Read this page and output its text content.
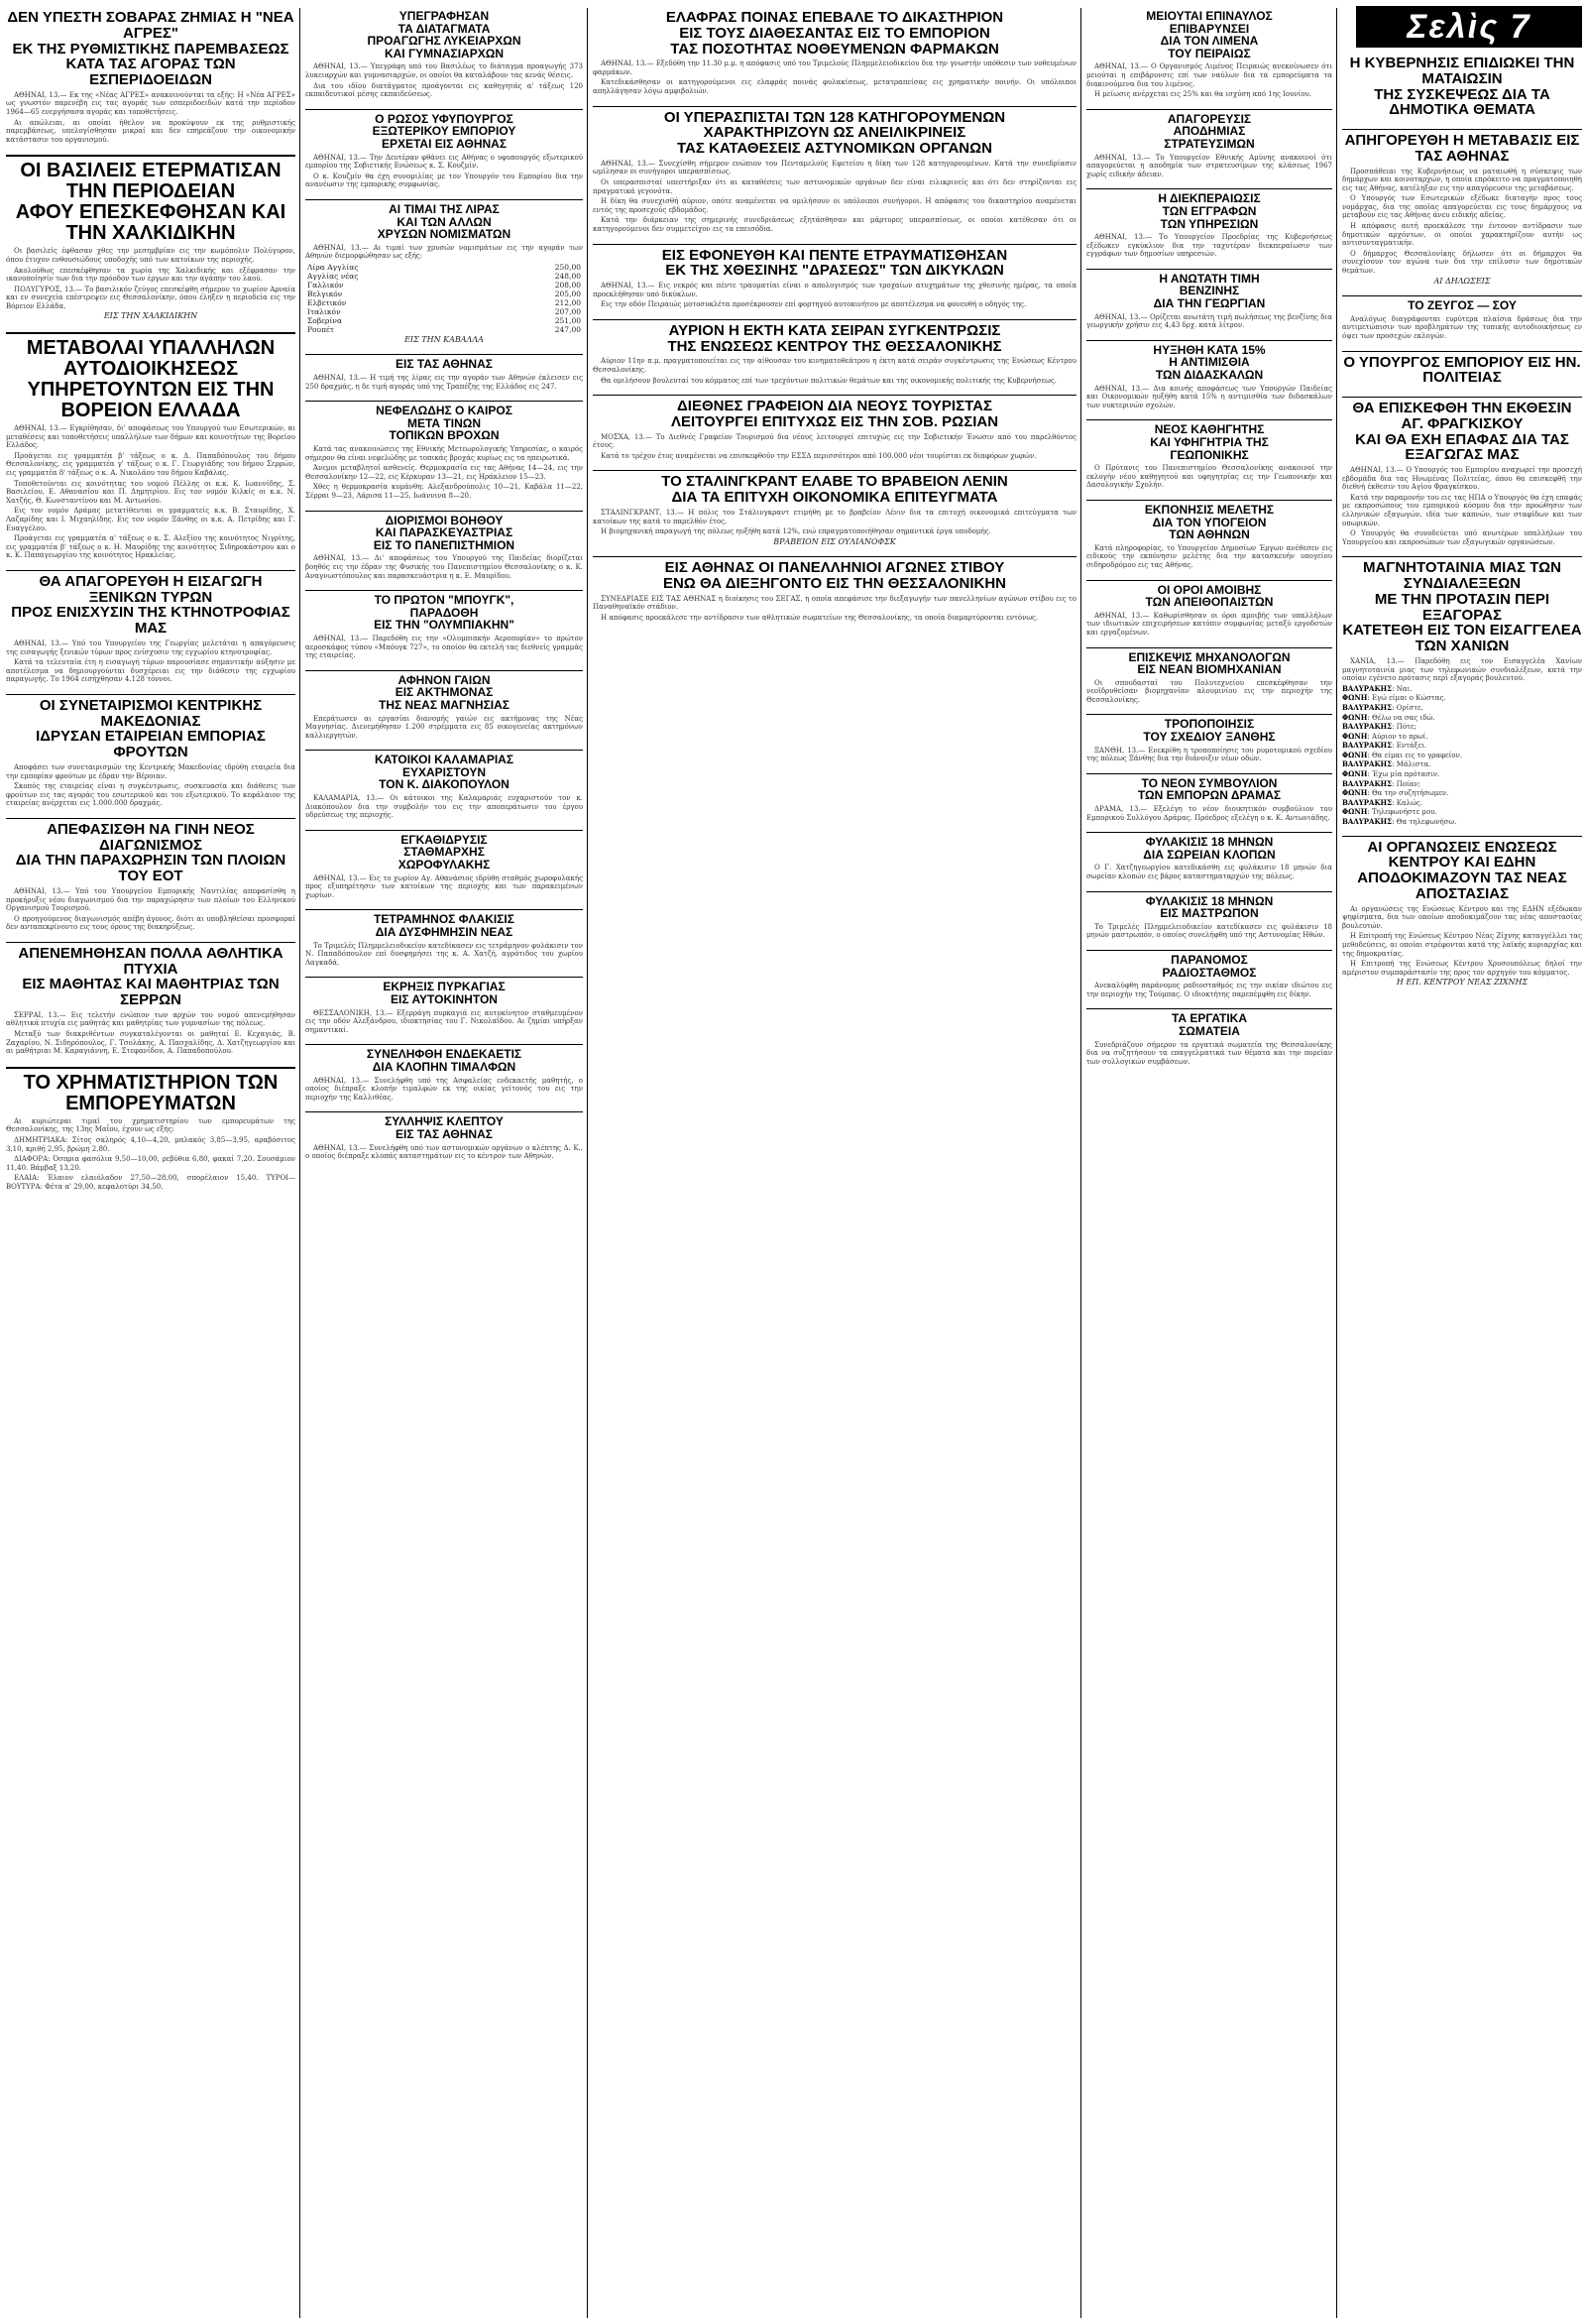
Σελὶς 7
ΔΕΝ ΥΠΕΣΤΗ ΣΟΒΑΡΑΣ ΖΗΜΙΑΣ Η "ΝΕΑ ΑΓΡΕΣ"
ΕΚ ΤΗΣ ΡΥΘΜΙΣΤΙΚΗΣ ΠΑΡΕΜΒΑΣΕΩΣ
ΚΑΤΑ ΤΑΣ ΑΓΟΡΑΣ ΤΩΝ ΕΣΠΕΡΙΔΟΕΙΔΩΝ

ΑΘΗΝΑΙ, 13.— Εκ της «Νέας ΑΓΡΕΣ» ανακοινούνται τα εξής: Η «Νέα ΑΓΡΕΣ» ως γνωστόν παρενέβη εις τας αγοράς των εσπεριδοειδών κατά την περίοδον 1964—65 ενεργήσασα αγοράς και τοποθετήσεις.

Αι απώλειαι, αι οποίαι ήθελον να προκύψουν εκ της ρυθμιστικής παρεμβάσεως, υπελογίσθησαν μικραί και δεν επηρεάζουν την οικονομικήν κατάστασιν του οργανισμού.

ΟΙ ΒΑΣΙΛΕΙΣ ΕΤΕΡΜΑΤΙΣΑΝ ΤΗΝ ΠΕΡΙΟΔΕΙΑΝ
ΑΦΟΥ ΕΠΕΣΚΕΦΘΗΣΑΝ ΚΑΙ ΤΗΝ ΧΑΛΚΙΔΙΚΗΝ

Οι βασιλείς έφθασαν χθες την μεσημβρίαν εις την κωμόπολιν Πολύγυρον, όπου έτυχον ενθουσιώδους υποδοχής υπό των κατοίκων της περιοχής.

Ακολούθως επεσκέφθησαν τα χωρία της Χαλκιδικής και εξέφρασαν την ικανοποίησίν των δια την πρόοδον των έργων και την αγάπην του λαού.

ΠΟΛΥΓΥΡΟΣ, 13.— Το βασιλικόν ζεύγος επεσκέφθη σήμερον το χωρίον Αρναία και εν συνεχεία επέστρεψεν εις Θεσσαλονίκην, όπου έληξεν η περιοδεία εις την Βόρειον Ελλάδα.

ΕΙΣ ΤΗΝ ΧΑΛΚΙΔΙΚΗΝ
ΜΕΤΑΒΟΛΑΙ ΥΠΑΛΛΗΛΩΝ ΑΥΤΟΔΙΟΙΚΗΣΕΩΣ
ΥΠΗΡΕΤΟΥΝΤΩΝ ΕΙΣ ΤΗΝ ΒΟΡΕΙΟΝ ΕΛΛΑΔΑ

ΑΘΗΝΑΙ, 13.— Εγκρίθησαν, δι' αποφάσεως του Υπουργού των Εσωτερικών, αι μεταθέσεις και τοποθετήσεις υπαλλήλων των δήμων και κοινοτήτων της Βορείου Ελλάδος.

Προάγεται εις γραμματέα β' τάξεως ο κ. Δ. Παπαδόπουλος του δήμου Θεσσαλονίκης, εις γραμματέα γ' τάξεως ο κ. Γ. Γεωργιάδης του δήμου Σερρών, εις γραμματέα δ' τάξεως ο κ. Α. Νικολάου του δήμου Καβάλας.

Τοποθετούνται εις κοινότητας του νομού Πέλλης οι κ.κ. Κ. Ιωαννίδης, Σ. Βασιλείου, Ε. Αθανασίου και Π. Δημητρίου. Εις τον νομόν Κιλκίς οι κ.κ. Ν. Χατζής, Θ. Κωνσταντίνου και Μ. Αντωνίου.

Εις τον νομόν Δράμας μετατίθενται οι γραμματείς κ.κ. Β. Σταυρίδης, Χ. Λαζαρίδης και Ι. Μιχαηλίδης. Εις τον νομόν Ξάνθης οι κ.κ. Α. Πετρίδης και Γ. Ευαγγέλου.

Προάγεται εις γραμματέα α' τάξεως ο κ. Σ. Αλεξίου της κοινότητος Νιγρίτης, εις γραμματέα β' τάξεως ο κ. Η. Μαυρίδης της κοινότητος Σιδηροκάστρου και ο κ. Κ. Παπαγεωργίου της κοινότητος Ηρακλείας.

ΘΑ ΑΠΑΓΟΡΕΥΘΗ Η ΕΙΣΑΓΩΓΗ ΞΕΝΙΚΩΝ ΤΥΡΩΝ
ΠΡΟΣ ΕΝΙΣΧΥΣΙΝ ΤΗΣ ΚΤΗΝΟΤΡΟΦΙΑΣ ΜΑΣ

ΑΘΗΝΑΙ, 13.— Υπό του Υπουργείου της Γεωργίας μελετάται η απαγόρευσις της εισαγωγής ξενικών τύρων προς ενίσχυσιν της εγχωρίου κτηνοτροφίας.

Κατά τα τελευταία έτη η εισαγωγή τύρων παρουσίασε σημαντικήν αύξησιν με αποτέλεσμα να δημιουργούνται δυσχέρειαι εις την διάθεσιν της εγχωρίου παραγωγής. Το 1964 εισήχθησαν 4.128 τόννοι.

ΟΙ ΣΥΝΕΤΑΙΡΙΣΜΟΙ ΚΕΝΤΡΙΚΗΣ ΜΑΚΕΔΟΝΙΑΣ
ΙΔΡΥΣΑΝ ΕΤΑΙΡΕΙΑΝ ΕΜΠΟΡΙΑΣ ΦΡΟΥΤΩΝ

Αποφάσει των συνεταιρισμών της Κεντρικής Μακεδονίας ιδρύθη εταιρεία δια την εμπορίαν φρούτων με έδραν την Βέροιαν.

Σκοπός της εταιρείας είναι η συγκέντρωσις, συσκευασία και διάθεσις των φρούτων εις τας αγοράς του εσωτερικού και του εξωτερικού. Το κεφάλαιον της εταιρείας ανέρχεται εις 1.000.000 δραχμάς.

ΑΠΕΦΑΣΙΣΘΗ ΝΑ ΓΙΝΗ ΝΕΟΣ ΔΙΑΓΩΝΙΣΜΟΣ
ΔΙΑ ΤΗΝ ΠΑΡΑΧΩΡΗΣΙΝ ΤΩΝ ΠΛΟΙΩΝ ΤΟΥ ΕΟΤ

ΑΘΗΝΑΙ, 13.— Υπό του Υπουργείου Εμπορικής Ναυτιλίας απεφασίσθη η προκήρυξις νέου διαγωνισμού δια την παραχώρησιν των πλοίων του Ελληνικού Οργανισμού Τουρισμού.

Ο προηγούμενος διαγωνισμός απέβη άγονος, διότι αι υποβληθείσαι προσφοραί δεν ανταπεκρίνοντο εις τους όρους της διακηρύξεως.

ΑΠΕΝΕΜΗΘΗΣΑΝ ΠΟΛΛΑ ΑΘΛΗΤΙΚΑ ΠΤΥΧΙΑ
ΕΙΣ ΜΑΘΗΤΑΣ ΚΑΙ ΜΑΘΗΤΡΙΑΣ ΤΩΝ ΣΕΡΡΩΝ

ΣΕΡΡΑΙ, 13.— Εις τελετήν ενώπιον των αρχών του νομού απενεμήθησαν αθλητικά πτυχία εις μαθητάς και μαθητρίας των γυμνασίων της πόλεως.

Μεταξύ των διακριθέντων συγκαταλέγονται οι μαθηταί Ε. Κεχαγιάς, Β. Ζαχαρίου, Ν. Σιδηρόπουλος, Γ. Τσολάκης, Α. Πασχαλίδης, Δ. Χατζηγεωργίου και αι μαθήτριαι Μ. Καραγιάννη, Ε. Στεφανίδου, Α. Παπαδοπούλου.

ΤΟ ΧΡΗΜΑΤΙΣΤΗΡΙΟΝ ΤΩΝ ΕΜΠΟΡΕΥΜΑΤΩΝ

Αι κυριώτεραι τιμαί του χρηματιστηρίου των εμπορευμάτων της Θεσσαλονίκης, της 13ης Μαΐου, έχουν ως εξής:

ΔΗΜΗΤΡΙΑΚΑ: Σίτος σκληρός 4,10—4,20, μαλακός 3,85—3,95, αραβόσιτος 3,10, κριθή 2,95, βρώμη 2,80.

ΔΙΑΦΟΡΑ: Όσπρια φασόλια 9,50—10,00, ρεβύθια 6,80, φακαί 7,20. Σουσάμιον 11,40. Βάμβαξ 13,20.

ΕΛΑΙΑ: Έλαιον ελαιόλαδον 27,50—28,00, σπορέλαιον 15,40. ΤΥΡΟΙ—ΒΟΥΤΥΡΑ: Φέτα α' 29,00, κεφαλοτύρι 34,50.

ΥΠΕΓΡΑΦΗΣΑΝ
ΤΑ ΔΙΑΤΑΓΜΑΤΑ
ΠΡΟΑΓΩΓΗΣ ΛΥΚΕΙΑΡΧΩΝ
ΚΑΙ ΓΥΜΝΑΣΙΑΡΧΩΝ

ΑΘΗΝΑΙ, 13.— Υπεγράφη υπό του Βασιλέως το διάταγμα προαγωγής 373 λυκειαρχών και γυμνασιαρχών, οι οποίοι θα καταλάβουν τας κενάς θέσεις.

Δια του ιδίου διατάγματος προάγονται εις καθηγητάς α' τάξεως 120 εκπαιδευτικοί μέσης εκπαιδεύσεως.

Ο ΡΩΣΟΣ ΥΦΥΠΟΥΡΓΟΣ
ΕΞΩΤΕΡΙΚΟΥ ΕΜΠΟΡΙΟΥ
ΕΡΧΕΤΑΙ ΕΙΣ ΑΘΗΝΑΣ

ΑΘΗΝΑΙ, 13.— Την Δευτέραν φθάνει εις Αθήνας ο υφυπουργός εξωτερικού εμπορίου της Σοβιετικής Ενώσεως κ. Σ. Κουζμίν.

Ο κ. Κουζμίν θα έχη συνομιλίας με τον Υπουργόν του Εμπορίου δια την ανανέωσιν της εμπορικής συμφωνίας.

ΑΙ ΤΙΜΑΙ ΤΗΣ ΛΙΡΑΣ
ΚΑΙ ΤΩΝ ΑΛΛΩΝ
ΧΡΥΣΩΝ ΝΟΜΙΣΜΑΤΩΝ

ΑΘΗΝΑΙ, 13.— Αι τιμαί των χρυσών νομισμάτων εις την αγοράν των Αθηνών διεμορφώθησαν ως εξής:

Λίρα Αγγλίας	250,00
Αγγλίας νέας	248,00
Γαλλικόν	208,00
Βελγικόν	205,00
Ελβετικόν	212,00
Ιταλικόν	207,00
Σοβερίνα	251,00
Ρουπέτ	247,00
ΕΙΣ ΤΗΝ ΚΑΒΑΛΛΑ
ΕΙΣ ΤΑΣ ΑΘΗΝΑΣ

ΑΘΗΝΑΙ, 13.— Η τιμή της λίρας εις την αγοράν των Αθηνών έκλεισεν εις 250 δραχμάς, η δε τιμή αγοράς υπό της Τραπέζης της Ελλάδος εις 247.

ΝΕΦΕΛΩΔΗΣ Ο ΚΑΙΡΟΣ
ΜΕΤΑ ΤΙΝΩΝ
ΤΟΠΙΚΩΝ ΒΡΟΧΩΝ

Κατά τας ανακοινώσεις της Εθνικής Μετεωρολογικής Υπηρεσίας, ο καιρός σήμερον θα είναι νεφελώδης με τοπικάς βροχάς κυρίως εις τα ηπειρωτικά.

Άνεμοι μεταβλητοί ασθενείς. Θερμοκρασία εις τας Αθήνας 14—24, εις την Θεσσαλονίκην 12—22, εις Κέρκυραν 13—21, εις Ηράκλειον 15—23.

Χθες η θερμοκρασία κυμάνθη: Αλεξανδρούπολις 10—21, Καβάλα 11—22, Σέρραι 9—23, Λάρισα 11—25, Ιωάννινα 8—20.

ΔΙΟΡΙΣΜΟΙ ΒΟΗΘΟΥ
ΚΑΙ ΠΑΡΑΣΚΕΥΑΣΤΡΙΑΣ
ΕΙΣ ΤΟ ΠΑΝΕΠΙΣΤΗΜΙΟΝ

ΑΘΗΝΑΙ, 13.— Δι' αποφάσεως του Υπουργού της Παιδείας διορίζεται βοηθός εις την έδραν της Φυσικής του Πανεπιστημίου Θεσσαλονίκης ο κ. Κ. Αναγνωστόπουλος και παρασκευάστρια η κ. Ε. Μαυρίδου.

ΤΟ ΠΡΩΤΟΝ "ΜΠΟΥΓΚ",
ΠΑΡΑΔΟΘΗ
ΕΙΣ ΤΗΝ "ΟΛΥΜΠΙΑΚΗΝ"

ΑΘΗΝΑΙ, 13.— Παρεδόθη εις την «Ολυμπιακήν Αεροπορίαν» το πρώτον αεροσκάφος τύπου «Μπόυγκ 727», το οποίον θα εκτελή τας διεθνείς γραμμάς της εταιρείας.

ΑΦΗΝΟΝ ΓΑΙΩΝ
ΕΙΣ ΑΚΤΗΜΟΝΑΣ
ΤΗΣ ΝΕΑΣ ΜΑΓΝΗΣΙΑΣ

Επεράτωσεν αι εργασίαι διανομής γαιών εις ακτήμονας της Νέας Μαγνησίας. Διενεμήθησαν 1.200 στρέμματα εις 85 οικογενείας ακτημόνων καλλιεργητών.

ΚΑΤΟΙΚΟΙ ΚΑΛΑΜΑΡΙΑΣ
ΕΥΧΑΡΙΣΤΟΥΝ
ΤΟΝ Κ. ΔΙΑΚΟΠΟΥΛΟΝ

ΚΑΛΑΜΑΡΙΑ, 13.— Οι κάτοικοι της Καλαμαριάς ευχαριστούν τον κ. Διακόπουλον δια την συμβολήν του εις την αποπεράτωσιν του έργου υδρεύσεως της περιοχής.

ΕΓΚΑΘΙΔΡΥΣΙΣ
ΣΤΑΘΜΑΡΧΗΣ
ΧΩΡΟΦΥΛΑΚΗΣ

ΑΘΗΝΑΙ, 13.— Εις το χωρίον Αγ. Αθανάσιος ιδρύθη σταθμός χωροφυλακής προς εξυπηρέτησιν των κατοίκων της περιοχής και των παρακειμένων χωρίων.

ΤΕΤΡΑΜΗΝΟΣ ΦΛΑΚΙΣΙΣ
ΔΙΑ ΔΥΣΦΗΜΗΣΙΝ ΝΕΑΣ

Το Τριμελές Πλημμελειοδικείον κατεδίκασεν εις τετράμηνον φυλάκισιν τον Ν. Παπαδόπουλον επί δυσφημήσει της κ. Α. Χατζή, αγρότιδος του χωρίου Λαγκαδά.

ΕΚΡΗΞΙΣ ΠΥΡΚΑΓΙΑΣ
ΕΙΣ ΑΥΤΟΚΙΝΗΤΟΝ

ΘΕΣΣΑΛΟΝΙΚΗ, 13.— Εξερράγη πυρκαγιά εις αυτοκίνητον σταθμευμένον εις την οδόν Αλεξάνδρου, ιδιοκτησίας του Γ. Νικολαΐδου. Αι ζημίαι υπήρξαν σημαντικαί.

ΣΥΝΕΛΗΦΘΗ ΕΝΔΕΚΑΕΤΙΣ
ΔΙΑ ΚΛΟΠΗΝ ΤΙΜΑΛΦΩΝ

ΑΘΗΝΑΙ, 13.— Συνελήφθη υπό της Ασφαλείας ενδεκαετής μαθητής, ο οποίος διέπραξε κλοπήν τιμαλφών εκ της οικίας γείτονός του εις την περιοχήν της Καλλιθέας.

ΣΥΛΛΗΨΙΣ ΚΛΕΠΤΟΥ
ΕΙΣ ΤΑΣ ΑΘΗΝΑΣ

ΑΘΗΝΑΙ, 13.— Συνελήφθη υπό των αστυνομικών οργάνων ο κλέπτης Δ. Κ., ο οποίος διέπραξε κλοπάς καταστημάτων εις το κέντρον των Αθηνών.

ΕΛΑΦΡΑΣ ΠΟΙΝΑΣ ΕΠΕΒΑΛΕ ΤΟ ΔΙΚΑΣΤΗΡΙΟΝ
ΕΙΣ ΤΟΥΣ ΔΙΑΘΕΣΑΝΤΑΣ ΕΙΣ ΤΟ ΕΜΠΟΡΙΟΝ
ΤΑΣ ΠΟΣΟΤΗΤΑΣ ΝΟΘΕΥΜΕΝΩΝ ΦΑΡΜΑΚΩΝ

ΑΘΗΝΑΙ, 13.— Εξεδόθη την 11.30 μ.μ. η απόφασις υπό του Τριμελούς Πλημμελειοδικείου δια την γνωστήν υπόθεσιν των νοθευμένων φαρμάκων.

Κατεδικάσθησαν οι κατηγορούμενοι εις ελαφράς ποινάς φυλακίσεως, μετατραπείσας εις χρηματικήν ποινήν. Οι υπόλοιποι απηλλάγησαν λόγω αμφιβολιών.

ΟΙ ΥΠΕΡΑΣΠΙΣΤΑΙ ΤΩΝ 128 ΚΑΤΗΓΟΡΟΥΜΕΝΩΝ
ΧΑΡΑΚΤΗΡΙΖΟΥΝ ΩΣ ΑΝΕΙΛΙΚΡΙΝΕΙΣ
ΤΑΣ ΚΑΤΑΘΕΣΕΙΣ ΑΣΤΥΝΟΜΙΚΩΝ ΟΡΓΑΝΩΝ

ΑΘΗΝΑΙ, 13.— Συνεχίσθη σήμερον ενώπιον του Πενταμελούς Εφετείου η δίκη των 128 κατηγορουμένων. Κατά την συνεδρίασιν ωμίλησαν οι συνήγοροι υπερασπίσεως.

Οι υπερασπισταί υπεστήριξαν ότι αι καταθέσεις των αστυνομικών οργάνων δεν είναι ειλικρινείς και ότι δεν στηρίζονται εις πραγματικά γεγονότα.

Η δίκη θα συνεχισθή αύριον, οπότε αναμένεται να ομιλήσουν οι υπόλοιποι συνήγοροι. Η απόφασις του δικαστηρίου αναμένεται εντός της προσεχούς εβδομάδος.

Κατά την διάρκειαν της σημερινής συνεδριάσεως εξητάσθησαν και μάρτυρες υπερασπίσεως, οι οποίοι κατέθεσαν ότι οι κατηγορούμενοι δεν συμμετείχον εις τα επεισόδια.

ΕΙΣ ΕΦΟΝΕΥΘΗ ΚΑΙ ΠΕΝΤΕ ΕΤΡΑΥΜΑΤΙΣΘΗΣΑΝ
ΕΚ ΤΗΣ ΧΘΕΣΙΝΗΣ "ΔΡΑΣΕΩΣ" ΤΩΝ ΔΙΚΥΚΛΩΝ

ΑΘΗΝΑΙ, 13.— Εις νεκρός και πέντε τραυματίαι είναι ο απολογισμός των τροχαίων ατυχημάτων της χθεσινής ημέρας, τα οποία προεκλήθησαν υπό δικύκλων.

Εις την οδόν Πειραιώς μοτοσυκλέτα προσέκρουσεν επί φορτηγού αυτοκινήτου με αποτέλεσμα να φονευθή ο οδηγός της.

ΑΥΡΙΟΝ Η ΕΚΤΗ ΚΑΤΑ ΣΕΙΡΑΝ ΣΥΓΚΕΝΤΡΩΣΙΣ
ΤΗΣ ΕΝΩΣΕΩΣ ΚΕΝΤΡΟΥ ΤΗΣ ΘΕΣΣΑΛΟΝΙΚΗΣ

Αύριον 11ην π.μ. πραγματοποιείται εις την αίθουσαν του κινηματοθεάτρου η έκτη κατά σειράν συγκέντρωσις της Ενώσεως Κέντρου Θεσσαλονίκης.

Θα ομιλήσουν βουλευταί του κόμματος επί των τρεχόντων πολιτικών θεμάτων και της οικονομικής πολιτικής της Κυβερνήσεως.

ΔΙΕΘΝΕΣ ΓΡΑΦΕΙΟΝ ΔΙΑ ΝΕΟΥΣ ΤΟΥΡΙΣΤΑΣ
ΛΕΙΤΟΥΡΓΕΙ ΕΠΙΤΥΧΩΣ ΕΙΣ ΤΗΝ ΣΟΒ. ΡΩΣΙΑΝ

ΜΟΣΧΑ, 13.— Το Διεθνές Γραφείον Τουρισμού δια νέους λειτουργεί επιτυχώς εις την Σοβιετικήν Ένωσιν από του παρελθόντος έτους.

Κατά το τρέχον έτος αναμένεται να επισκεφθούν την ΕΣΣΔ περισσότεροι από 100.000 νέοι τουρίσται εκ διαφόρων χωρών.

ΤΟ ΣΤΑΛΙΝΓΚΡΑΝΤ ΕΛΑΒΕ ΤΟ ΒΡΑΒΕΙΟΝ ΛΕΝΙΝ
ΔΙΑ ΤΑ ΕΠΙΤΥΧΗ ΟΙΚΟΝΟΜΙΚΑ ΕΠΙΤΕΥΓΜΑΤΑ

ΣΤΑΛΙΝΓΚΡΑΝΤ, 13.— Η πόλις του Στάλινγκραντ ετιμήθη με το βραβείον Λένιν δια τα επιτυχή οικονομικά επιτεύγματα των κατοίκων της κατά το παρελθόν έτος.

Η βιομηχανική παραγωγή της πόλεως ηυξήθη κατά 12%, ενώ επραγματοποιήθησαν σημαντικά έργα υποδομής.

ΒΡΑΒΕΙΟΝ ΕΙΣ ΟΥΛΙΑΝΟΦΣΚ
ΕΙΣ ΑΘΗΝΑΣ ΟΙ ΠΑΝΕΛΛΗΝΙΟΙ ΑΓΩΝΕΣ ΣΤΙΒΟΥ
ΕΝΩ ΘΑ ΔΙΕΞΗΓΟΝΤΟ ΕΙΣ ΤΗΝ ΘΕΣΣΑΛΟΝΙΚΗΝ

ΣΥΝΕΔΡΙΑΣΕ ΕΙΣ ΤΑΣ ΑΘΗΝΑΣ η διοίκησις του ΣΕΓΑΣ, η οποία απεφάσισε την διεξαγωγήν των πανελληνίων αγώνων στίβου εις το Παναθηναϊκόν στάδιον.

Η απόφασις προεκάλεσε την αντίδρασιν των αθλητικών σωματείων της Θεσσαλονίκης, τα οποία διαμαρτύρονται εντόνως.

ΜΕΙΟΥΤΑΙ ΕΠΙΝΑΥΛΟΣ
ΕΠΙΒΑΡΥΝΣΕΙ
ΔΙΑ ΤΟΝ ΛΙΜΕΝΑ
ΤΟΥ ΠΕΙΡΑΙΩΣ

ΑΘΗΝΑΙ, 13.— Ο Οργανισμός Λιμένος Πειραιώς ανεκοίνωσεν ότι μειούται η επιβάρυνσις επί των ναύλων δια τα εμπορεύματα τα διακινούμενα δια του λιμένος.

Η μείωσις ανέρχεται εις 25% και θα ισχύση από 1ης Ιουνίου.

ΑΠΑΓΟΡΕΥΣΙΣ
ΑΠΟΔΗΜΙΑΣ
ΣΤΡΑΤΕΥΣΙΜΩΝ

ΑΘΗΝΑΙ, 13.— Το Υπουργείον Εθνικής Αμύνης ανακοινοί ότι απαγορεύεται η αποδημία των στρατευσίμων της κλάσεως 1967 χωρίς ειδικήν άδειαν.

Η ΔΙΕΚΠΕΡΑΙΩΣΙΣ
ΤΩΝ ΕΓΓΡΑΦΩΝ
ΤΩΝ ΥΠΗΡΕΣΙΩΝ

ΑΘΗΝΑΙ, 13.— Το Υπουργείον Προεδρίας της Κυβερνήσεως εξέδωκεν εγκύκλιον δια την ταχυτέραν διεκπεραίωσιν των εγγράφων των δημοσίων υπηρεσιών.

Η ΑΝΩΤΑΤΗ ΤΙΜΗ
ΒΕΝΖΙΝΗΣ
ΔΙΑ ΤΗΝ ΓΕΩΡΓΙΑΝ

ΑΘΗΝΑΙ, 13.— Ορίζεται ανωτάτη τιμή πωλήσεως της βενζίνης δια γεωργικήν χρήσιν εις 4,43 δρχ. κατά λίτρον.

ΗΥΞΗΘΗ ΚΑΤΑ 15%
Η ΑΝΤΙΜΙΣΘΙΑ
ΤΩΝ ΔΙΔΑΣΚΑΛΩΝ

ΑΘΗΝΑΙ, 13.— Δια κοινής αποφάσεως των Υπουργών Παιδείας και Οικονομικών ηυξήθη κατά 15% η αντιμισθία των διδασκάλων των νυκτερινών σχολών.

ΝΕΟΣ ΚΑΘΗΓΗΤΗΣ
ΚΑΙ ΥΦΗΓΗΤΡΙΑ ΤΗΣ
ΓΕΩΠΟΝΙΚΗΣ

Ο Πρύτανις του Πανεπιστημίου Θεσσαλονίκης ανακοινοί την εκλογήν νέου καθηγητού και υφηγητρίας εις την Γεωπονικήν και Δασολογικήν Σχολήν.

ΕΚΠΟΝΗΣΙΣ ΜΕΛΕΤΗΣ
ΔΙΑ ΤΟΝ ΥΠΟΓΕΙΟΝ
ΤΩΝ ΑΘΗΝΩΝ

Κατά πληροφορίας, το Υπουργείον Δημοσίων Έργων ανέθεσεν εις ειδικούς την εκπόνησιν μελέτης δια την κατασκευήν υπογείου σιδηροδρόμου εις τας Αθήνας.

ΟΙ ΟΡΟΙ ΑΜΟΙΒΗΣ
ΤΩΝ ΑΠΕΙΘΟΠΑΙΣΤΩΝ

ΑΘΗΝΑΙ, 13.— Καθωρίσθησαν οι όροι αμοιβής των υπαλλήλων των ιδιωτικών επιχειρήσεων κατόπιν συμφωνίας μεταξύ εργοδοτών και εργαζομένων.

ΕΠΙΣΚΕΨΙΣ ΜΗΧΑΝΟΛΟΓΩΝ
ΕΙΣ ΝΕΑΝ ΒΙΟΜΗΧΑΝΙΑΝ

Οι σπουδασταί του Πολυτεχνείου επεσκέφθησαν την νεοϊδρυθείσαν βιομηχανίαν αλουμινίου εις την περιοχήν της Θεσσαλονίκης.

ΤΡΟΠΟΠΟΙΗΣΙΣ
ΤΟΥ ΣΧΕΔΙΟΥ ΞΑΝΘΗΣ

ΞΑΝΘΗ, 13.— Ενεκρίθη η τροποποίησις του ρυμοτομικού σχεδίου της πόλεως Ξάνθης δια την διάνοιξιν νέων οδών.

ΤΟ ΝΕΟΝ ΣΥΜΒΟΥΛΙΟΝ
ΤΩΝ ΕΜΠΟΡΩΝ ΔΡΑΜΑΣ

ΔΡΑΜΑ, 13.— Εξελέγη το νέον διοικητικόν συμβούλιον του Εμπορικού Συλλόγου Δράμας. Πρόεδρος εξελέγη ο κ. Κ. Αντωνιάδης.

ΦΥΛΑΚΙΣΙΣ 18 ΜΗΝΩΝ
ΔΙΑ ΣΩΡΕΙΑΝ ΚΛΟΠΩΝ

Ο Γ. Χατζηγεωργίου κατεδικάσθη εις φυλάκισιν 18 μηνών δια σωρείαν κλοπών εις βάρος καταστηματαρχών της πόλεως.

ΦΥΛΑΚΙΣΙΣ 18 ΜΗΝΩΝ
ΕΙΣ ΜΑΣΤΡΩΠΟΝ

Το Τριμελές Πλημμελειοδικείον κατεδίκασεν εις φυλάκισιν 18 μηνών μαστρωπόν, ο οποίος συνελήφθη υπό της Αστυνομίας Ηθών.

ΠΑΡΑΝΟΜΟΣ
ΡΑΔΙΟΣΤΑΘΜΟΣ

Ανεκαλύφθη παράνομος ραδιοσταθμός εις την οικίαν ιδιώτου εις την περιοχήν της Τούμπας. Ο ιδιοκτήτης παρεπέμφθη εις δίκην.

ΤΑ ΕΡΓΑΤΙΚΑ
ΣΩΜΑΤΕΙΑ

Συνεδριάζουν σήμερον τα εργατικά σωματεία της Θεσσαλονίκης δια να συζητήσουν τα επαγγελματικά των θέματα και την πορείαν των συλλογικών συμβάσεων.

Η ΚΥΒΕΡΝΗΣΙΣ ΕΠΙΔΙΩΚΕΙ ΤΗΝ ΜΑΤΑΙΩΣΙΝ
ΤΗΣ ΣΥΣΚΕΨΕΩΣ ΔΙΑ ΤΑ ΔΗΜΟΤΙΚΑ ΘΕΜΑΤΑ
ΑΠΗΓΟΡΕΥΘΗ Η ΜΕΤΑΒΑΣΙΣ ΕΙΣ ΤΑΣ ΑΘΗΝΑΣ

Προσπάθειαι της Κυβερνήσεως να ματαιωθή η σύσκεψις των δημάρχων και κοινοταρχών, η οποία επρόκειτο να πραγματοποιηθή εις τας Αθήνας, κατέληξαν εις την απαγόρευσιν της μεταβάσεως.

Ο Υπουργός των Εσωτερικών εξέδωκε διαταγήν προς τους νομάρχας, δια της οποίας απαγορεύεται εις τους δημάρχους να μεταβούν εις τας Αθήνας άνευ ειδικής αδείας.

Η απόφασις αυτή προεκάλεσε την έντονον αντίδρασιν των δημοτικών αρχόντων, οι οποίοι χαρακτηρίζουν αυτήν ως αντισυνταγματικήν.

Ο δήμαρχος Θεσσαλονίκης δήλωσεν ότι οι δήμαρχοι θα συνεχίσουν τον αγώνα των δια την επίλυσιν των δημοτικών θεμάτων.

ΑΙ ΔΗΛΩΣΕΙΣ
ΤΟ ΖΕΥΓΟΣ — ΣΟΥ

Αναλόγως διαγράφονται ευρύτερα πλαίσια δράσεως δια την αντιμετώπισιν των προβλημάτων της τοπικής αυτοδιοικήσεως εν όψει των προσεχών εκλογών.

Ο ΥΠΟΥΡΓΟΣ ΕΜΠΟΡΙΟΥ ΕΙΣ ΗΝ. ΠΟΛΙΤΕΙΑΣ
ΘΑ ΕΠΙΣΚΕΦΘΗ ΤΗΝ ΕΚΘΕΣΙΝ ΑΓ. ΦΡΑΓΚΙΣΚΟΥ
ΚΑΙ ΘΑ ΕΧΗ ΕΠΑΦΑΣ ΔΙΑ ΤΑΣ ΕΞΑΓΩΓΑΣ ΜΑΣ

ΑΘΗΝΑΙ, 13.— Ο Υπουργός του Εμπορίου αναχωρεί την προσεχή εβδομάδα δια τας Ηνωμένας Πολιτείας, όπου θα επισκεφθή την διεθνή έκθεσιν του Αγίου Φραγκίσκου.

Κατά την παραμονήν του εις τας ΗΠΑ ο Υπουργός θα έχη επαφάς με εκπροσώπους του εμπορικού κόσμου δια την προώθησιν των ελληνικών εξαγωγών, ιδία των καπνών, των σταφίδων και των οπωρικών.

Ο Υπουργός θα συνοδεύεται υπό ανωτέρων υπαλλήλων του Υπουργείου και εκπροσώπων των εξαγωγικών οργανώσεων.

ΜΑΓΝΗΤΟΤΑΙΝΙΑ ΜΙΑΣ ΤΩΝ ΣΥΝΔΙΑΛΕΞΕΩΝ
ΜΕ ΤΗΝ ΠΡΟΤΑΣΙΝ ΠΕΡΙ ΕΞΑΓΟΡΑΣ
ΚΑΤΕΤΕΘΗ ΕΙΣ ΤΟΝ ΕΙΣΑΓΓΕΛΕΑ ΤΩΝ ΧΑΝΙΩΝ

ΧΑΝΙΑ, 13.— Παρεδόθη εις τον Εισαγγελέα Χανίων μαγνητοταινία μιας των τηλεφωνικών συνδιαλέξεων, κατά την οποίαν εγένετο πρότασις περί εξαγοράς βουλευτού.

ΒΑΛΥΡΑΚΗΣ: Ναι.

ΦΩΝΗ: Εγώ είμαι ο Κώστας.

ΒΑΛΥΡΑΚΗΣ: Ορίστε.

ΦΩΝΗ: Θέλω να σας ιδώ.

ΒΑΛΥΡΑΚΗΣ: Πότε;

ΦΩΝΗ: Αύριον το πρωί.

ΒΑΛΥΡΑΚΗΣ: Εντάξει.

ΦΩΝΗ: Θα είμαι εις το γραφείον.

ΒΑΛΥΡΑΚΗΣ: Μάλιστα.

ΦΩΝΗ: Έχω μία πρότασιν.

ΒΑΛΥΡΑΚΗΣ: Ποίαν;

ΦΩΝΗ: Θα την συζητήσωμεν.

ΒΑΛΥΡΑΚΗΣ: Καλώς.

ΦΩΝΗ: Τηλεφωνήστε μου.

ΒΑΛΥΡΑΚΗΣ: Θα τηλεφωνήσω.

ΑΙ ΟΡΓΑΝΩΣΕΙΣ ΕΝΩΣΕΩΣ ΚΕΝΤΡΟΥ ΚΑΙ ΕΔΗΝ
ΑΠΟΔΟΚΙΜΑΖΟΥΝ ΤΑΣ ΝΕΑΣ ΑΠΟΣΤΑΣΙΑΣ

Αι οργανώσεις της Ενώσεως Κέντρου και της ΕΔΗΝ εξέδωκαν ψηφίσματα, δια των οποίων αποδοκιμάζουν τας νέας αποστασίας βουλευτών.

Η Επιτροπή της Ενώσεως Κέντρου Νέας Ζίχνης καταγγέλλει τας μεθοδεύσεις, αι οποίαι στρέφονται κατά της λαϊκής κυριαρχίας και της δημοκρατίας.

Η Επιτροπή της Ενώσεως Κέντρου Χρυσουπόλεως δηλοί την αμέριστον συμπαράστασίν της προς τον αρχηγόν του κόμματος.

Η ΕΠ. ΚΕΝΤΡΟΥ ΝΕΑΣ ΖΙΧΝΗΣ
